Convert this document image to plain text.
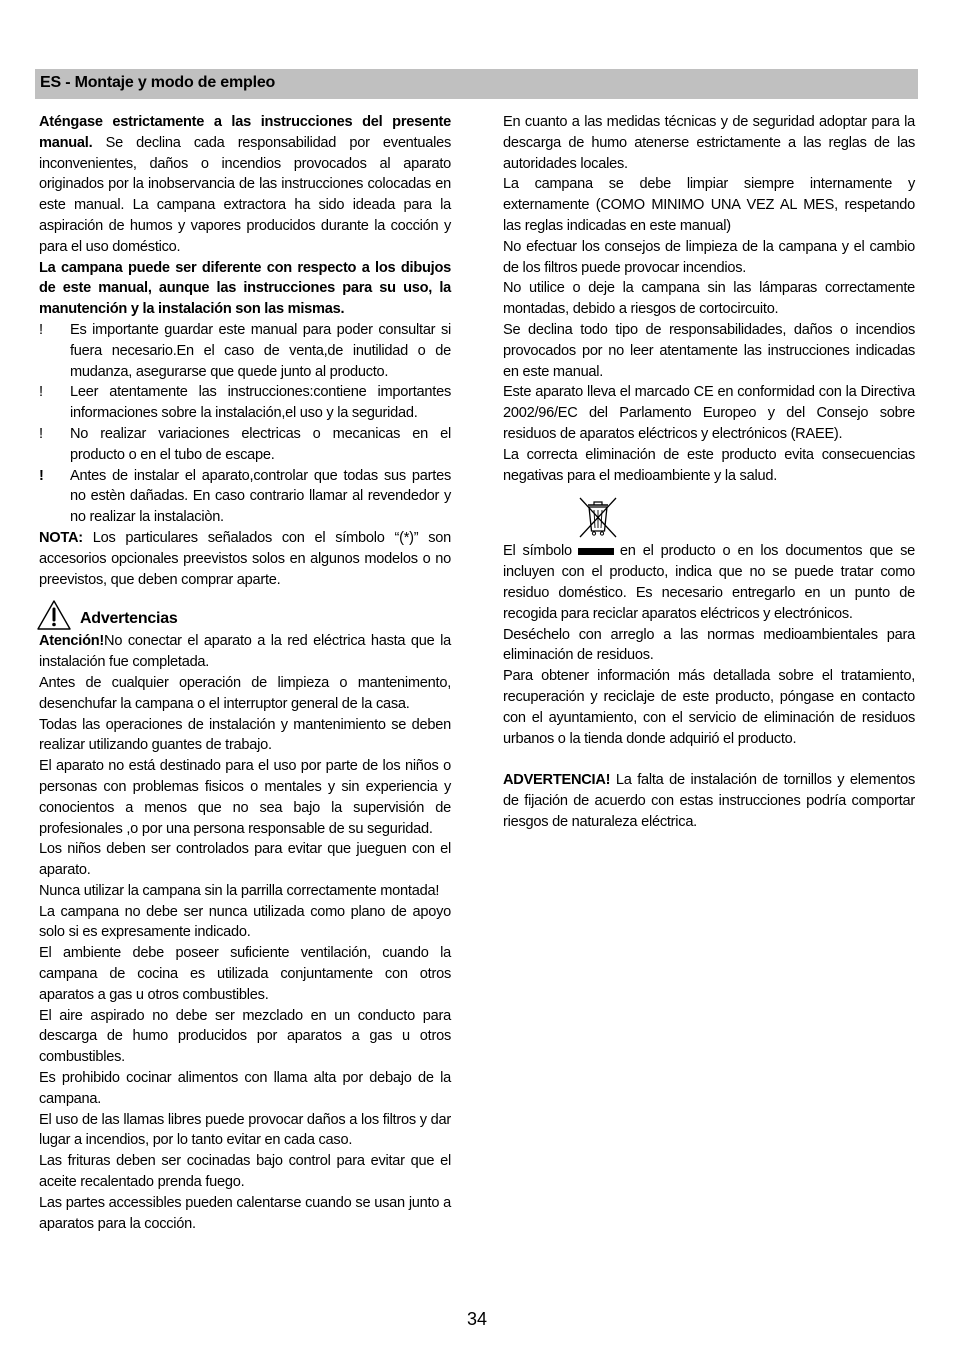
ES - Montaje y modo de empleo

Aténgase estrictamente a las instrucciones del presente manual. Se declina cada responsabilidad por eventuales inconvenientes, daños o incendios provocados al aparato originados por la inobservancia de las instrucciones colocadas en este manual. La campana extractora ha sido ideada para la aspiración de humos y vapores producidos durante la cocción y para el uso doméstico.

La campana puede ser diferente con respecto a los dibujos de este manual, aunque las instrucciones para su uso, la manutención y la instalación son las mismas.

! Es importante guardar este manual para poder consultar si fuera necesario.En el caso de venta,de inutilidad o de mudanza, asegurarse que quede junto al producto.

! Leer atentamente las instrucciones:contiene importantes informaciones sobre la instalación,el uso y la seguridad.

! No realizar variaciones electricas o mecanicas en el producto o en el tubo de escape.

! Antes de instalar el aparato,controlar que todas sus partes no estèn dañadas. En caso contrario llamar al revendedor y no realizar la instalaciòn.

NOTA: Los particulares señalados con el símbolo “(*)” son accesorios opcionales preevistos solos en algunos modelos o no preevistos, que deben comprar aparte.

Advertencias

Atención!No conectar el aparato a la red eléctrica hasta que la instalación fue completada.

Antes de cualquier operación de limpieza o mantenimento, desenchufar la campana o el interruptor general de la casa.

Todas las operaciones de instalación y mantenimiento se deben realizar utilizando guantes de trabajo.

El aparato no está destinado para el uso por parte de los niños o personas con problemas fisicos o mentales y sin experiencia y conocientos a menos que no sea bajo la supervisión de profesionales ,o por una persona responsable de su seguridad.

Los niños deben ser controlados para evitar que jueguen con el aparato.

Nunca utilizar la campana sin la parrilla correctamente montada!

La campana no debe ser nunca utilizada como plano de apoyo solo si es expresamente indicado.

El ambiente debe poseer suficiente ventilación, cuando la campana de cocina es utilizada conjuntamente con otros aparatos a gas u otros combustibles.

El aire aspirado no debe ser mezclado en un conducto para descarga de humo producidos por aparatos a gas u otros combustibles.

Es prohibido cocinar alimentos con llama alta por debajo de la campana.

El uso de las llamas libres puede provocar daños a los filtros y dar lugar a incendios, por lo tanto evitar en cada caso.

Las frituras deben ser cocinadas bajo control para evitar que el aceite recalentado prenda fuego.

Las partes accessibles pueden calentarse cuando se usan junto a aparatos para la cocción.

En cuanto a las medidas técnicas y de seguridad adoptar para la descarga de humo atenerse estrictamente a las reglas de las autoridades locales.

La campana se debe limpiar siempre internamente y externamente (COMO MINIMO UNA VEZ AL MES, respetando las reglas indicadas en este manual)

No efectuar los consejos de limpieza de la campana y el cambio de los filtros puede provocar incendios.

No utilice o deje la campana sin las lámparas correctamente montadas, debido a riesgos de cortocircuito.

Se declina todo tipo de responsabilidades, daños o incendios provocados por no leer atentamente las instrucciones indicadas en este manual.

Este aparato lleva el marcado CE en conformidad con la Directiva 2002/96/EC del Parlamento Europeo y del Consejo sobre residuos de aparatos eléctricos y electrónicos (RAEE).

La correcta eliminación de este producto evita consecuencias negativas para el medioambiente y la salud.

El símbolo	en el producto o en los documentos que se incluyen con el producto, indica que no se puede tratar como residuo doméstico. Es necesario entregarlo en un punto de recogida para reciclar aparatos eléctricos y electrónicos.

Deséchelo con arreglo a las normas medioambientales para eliminación de residuos.

Para obtener información más detallada sobre el tratamiento, recuperación y reciclaje de este producto, póngase en contacto con el ayuntamiento, con el servicio de eliminación de residuos urbanos o la tienda donde adquirió el producto.

ADVERTENCIA! La falta de instalación de tornillos y elementos de fijación de acuerdo con estas instrucciones podría comportar riesgos de naturaleza eléctrica.

34
